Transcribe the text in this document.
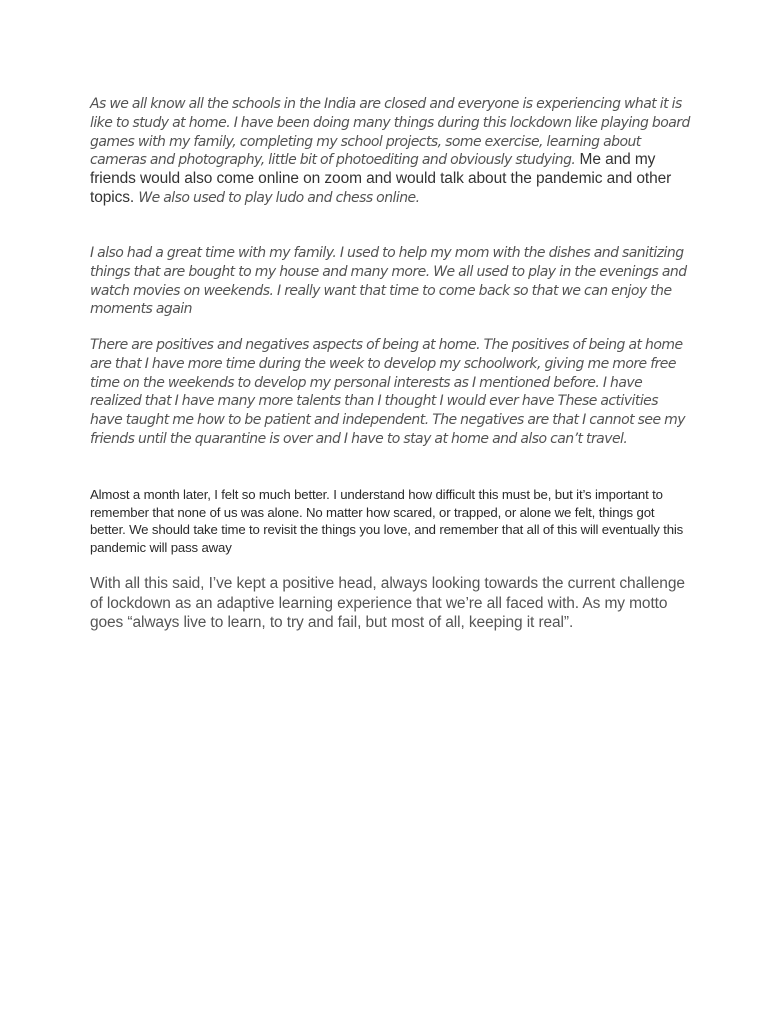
As we all know all the schools in the India are closed and everyone is experiencing what it is like to study at home. I have been doing many things during this lockdown like playing board games with my family, completing my school projects, some exercise, learning about cameras and photography, little bit of photoediting and obviously studying. Me and my friends would also come online on zoom and would talk about the pandemic and other topics. We also used to play ludo and chess online.

I also had a great time with my family. I used to help my mom with the dishes and sanitizing things that are bought to my house and many more. We all used to play in the evenings and watch movies on weekends. I really want that time to come back so that we can enjoy the moments again

There are positives and negatives aspects of being at home. The positives of being at home are that I have more time during the week to develop my schoolwork, giving me more free time on the weekends to develop my personal interests as I mentioned before. I have realized that I have many more talents than I thought I would ever have These activities have taught me how to be patient and independent. The negatives are that I cannot see my friends until the quarantine is over and I have to stay at home and also can’t travel.

Almost a month later, I felt so much better. I understand how difficult this must be, but it’s important to remember that none of us was alone. No matter how scared, or trapped, or alone we felt, things got better. We should take time to revisit the things you love, and remember that all of this will eventually this pandemic will pass away

With all this said, I’ve kept a positive head, always looking towards the current challenge of lockdown as an adaptive learning experience that we’re all faced with. As my motto goes “always live to learn, to try and fail, but most of all, keeping it real”.
